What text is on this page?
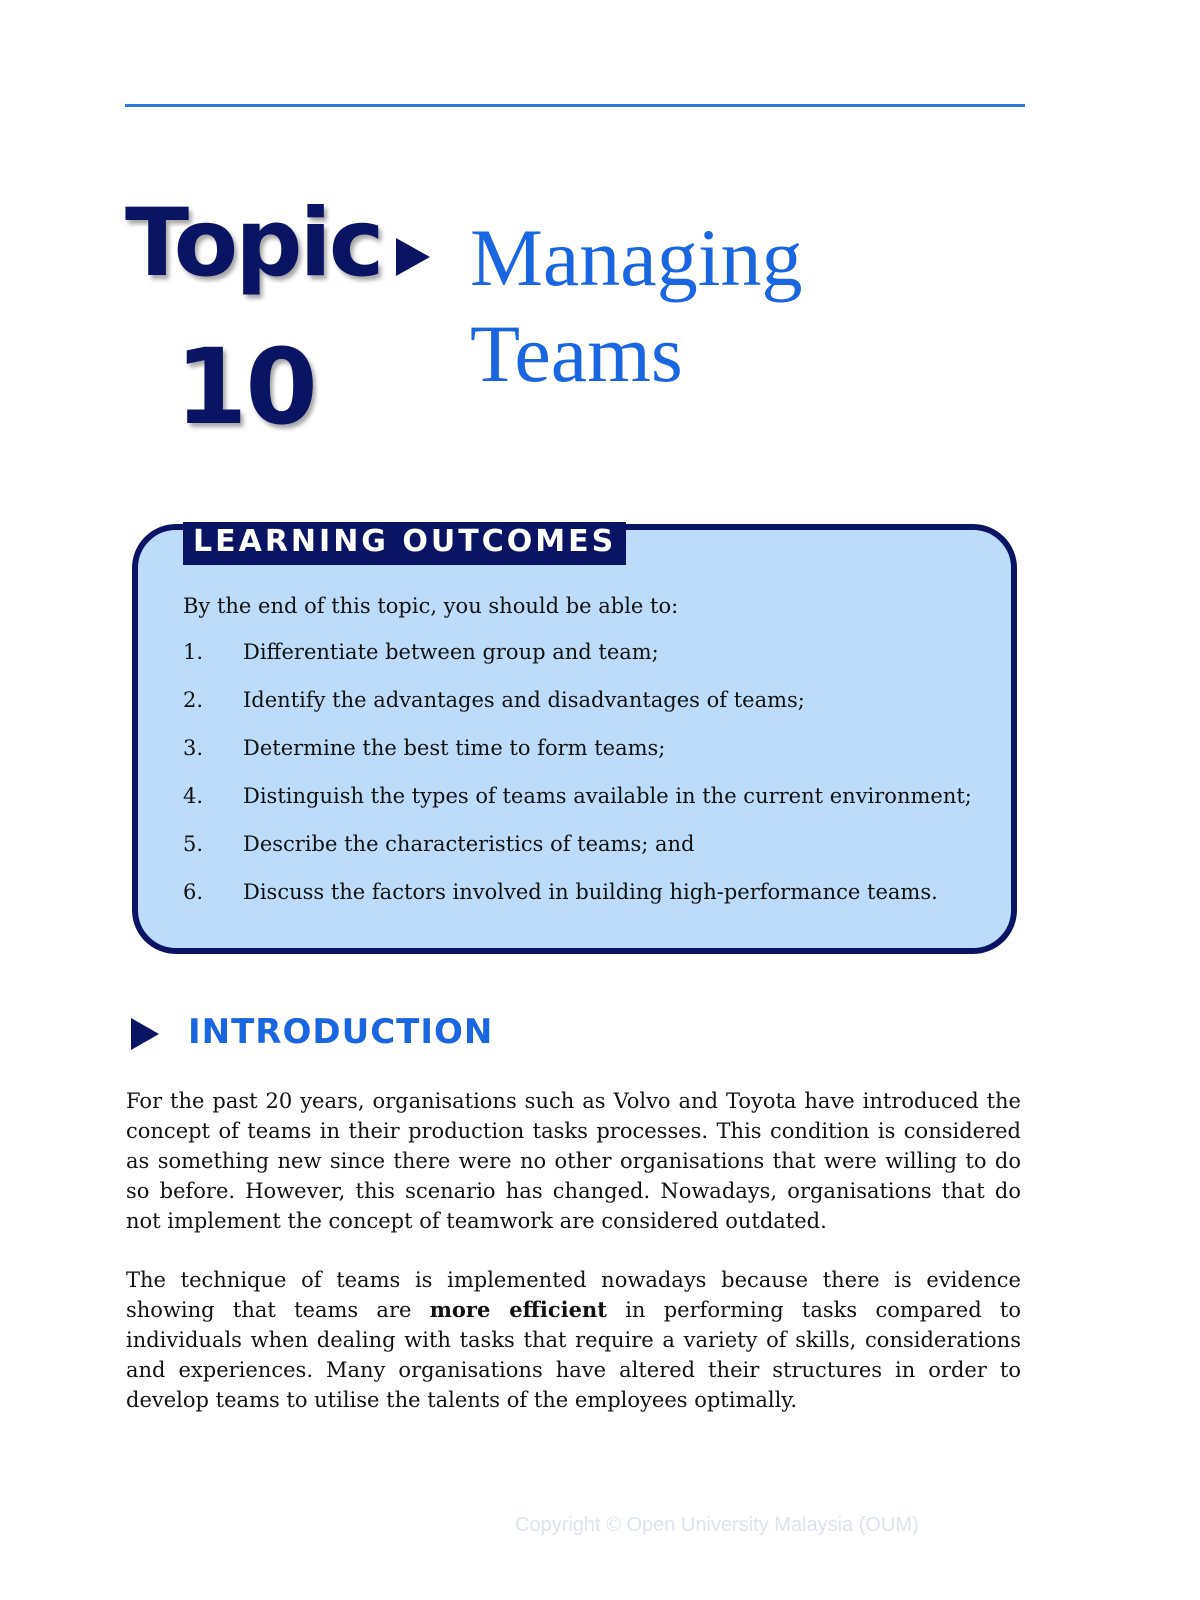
Topic
10
Managing Teams
LEARNING OUTCOMES
By the end of this topic, you should be able to:
1. Differentiate between group and team;
2. Identify the advantages and disadvantages of teams;
3. Determine the best time to form teams;
4. Distinguish the types of teams available in the current environment;
5. Describe the characteristics of teams; and
6. Discuss the factors involved in building high-performance teams.
INTRODUCTION
For the past 20 years, organisations such as Volvo and Toyota have introduced the concept of teams in their production tasks processes. This condition is considered as something new since there were no other organisations that were willing to do so before. However, this scenario has changed. Nowadays, organisations that do not implement the concept of teamwork are considered outdated.
The technique of teams is implemented nowadays because there is evidence showing that teams are more efficient in performing tasks compared to individuals when dealing with tasks that require a variety of skills, considerations and experiences. Many organisations have altered their structures in order to develop teams to utilise the talents of the employees optimally.
Copyright © Open University Malaysia (OUM)
